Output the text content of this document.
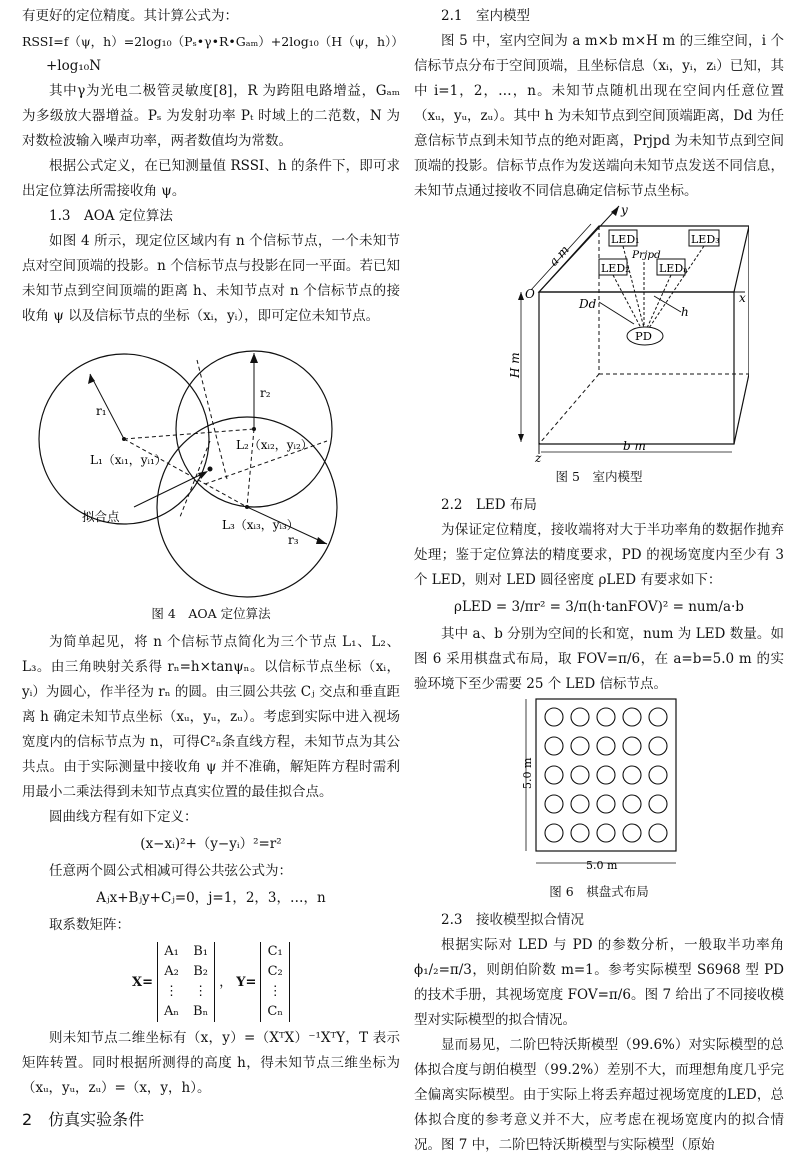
有更好的定位精度。其计算公式为：

RSSI=f（ψ，h）=2log₁₀（Pₛ•γ•R•Gₐₘ）+2log₁₀（H（ψ，h））

+log₁₀N

其中γ为光电二极管灵敏度[8]，R 为跨阻电路增益，Gₐₘ 为多级放大器增益。Pₛ 为发射功率 Pₜ 时域上的二范数，N 为对数检波输入噪声功率，两者数值均为常数。

根据公式定义，在已知测量值 RSSI、h 的条件下，即可求出定位算法所需接收角 ψ。

1.3　AOA 定位算法

如图 4 所示，现定位区域内有 n 个信标节点，一个未知节点对空间顶端的投影。n 个信标节点与投影在同一平面。若已知未知节点到空间顶端的距离 h、未知节点对 n 个信标节点的接收角 ψ 以及信标节点的坐标（xᵢ，yᵢ），即可定位未知节点。

r₁
r₂
r₃
L₁（xᵢ₁，yᵢ₁）
L₂（xᵢ₂，yᵢ₂）
L₃（xᵢ₃，yᵢ₃）
拟合点

图 4　AOA 定位算法

为简单起见，将 n 个信标节点简化为三个节点 L₁、L₂、L₃。由三角映射关系得 rₙ=h×tanψₙ。以信标节点坐标（xᵢ，yᵢ）为圆心，作半径为 rₙ 的圆。由三圆公共弦 Cⱼ 交点和垂直距离 h 确定未知节点坐标（xᵤ，yᵤ，zᵤ）。考虑到实际中进入视场宽度内的信标节点为 n，可得C²ₙ条直线方程，未知节点为其公共点。由于实际测量中接收角 ψ 并不准确，解矩阵方程时需利用最小二乘法得到未知节点真实位置的最佳拟合点。

圆曲线方程有如下定义：

(x−xᵢ)²+（y−yᵢ）²=r²

任意两个圆公式相减可得公共弦公式为：

Aⱼx+Bⱼy+Cⱼ=0，j=1，2，3，…，n

取系数矩阵：

X=
A₁ B₁
A₂ B₂
⋮ ⋮
Aₙ Bₙ
， Y=
C₁
C₂
⋮
Cₙ

则未知节点二维坐标有（x，y）=（XᵀX）⁻¹XᵀY，T 表示矩阵转置。同时根据所测得的高度 h，得未知节点三维坐标为（xᵤ，yᵤ，zᵤ）=（x，y，h）。

2　仿真实验条件

2.1　室内模型

图 5 中，室内空间为 a m×b m×H m 的三维空间，i 个信标节点分布于空间顶端，且坐标信息（xᵢ，yᵢ，zᵢ）已知，其中 i=1，2，…，n。未知节点随机出现在空间内任意位置（xᵤ，yᵤ，zᵤ）。其中 h 为未知节点到空间顶端距离，Dd 为任意信标节点到未知节点的绝对距离，Prjpd 为未知节点到空间顶端的投影。信标节点作为发送端向未知节点发送不同信息，未知节点通过接收不同信息确定信标节点坐标。

y
x
z
O
a m
H m
b m
LED₁	LED₃
LED₂	LEDₙ
Prjpd
h
Dd
PD

图 5　室内模型

2.2　LED 布局

为保证定位精度，接收端将对大于半功率角的数据作抛弃处理；鉴于定位算法的精度要求，PD 的视场宽度内至少有 3 个 LED，则对 LED 圆径密度 ρLED 有要求如下：

ρLED = 3/πr² = 3/π(h·tanFOV)² = num/a·b

其中 a、b 分别为空间的长和宽，num 为 LED 数量。如图 6 采用棋盘式布局，取 FOV=π/6，在 a=b=5.0 m 的实验环境下至少需要 25 个 LED 信标节点。

5.0 m
5.0 m

图 6　棋盘式布局

2.3　接收模型拟合情况

根据实际对 LED 与 PD 的参数分析，一般取半功率角 ϕ₁/₂=π/3，则朗伯阶数 m=1。参考实际模型 S6968 型 PD 的技术手册，其视场宽度 FOV=π/6。图 7 给出了不同接收模型对实际模型的拟合情况。

显而易见，二阶巴特沃斯模型（99.6%）对实际模型的总体拟合度与朗伯模型（99.2%）差别不大，而理想角度几乎完全偏离实际模型。由于实际上将丢弃超过视场宽度的LED，总体拟合度的参考意义并不大，应考虑在视场宽度内的拟合情况。图 7 中，二阶巴特沃斯模型与实际模型（原始
